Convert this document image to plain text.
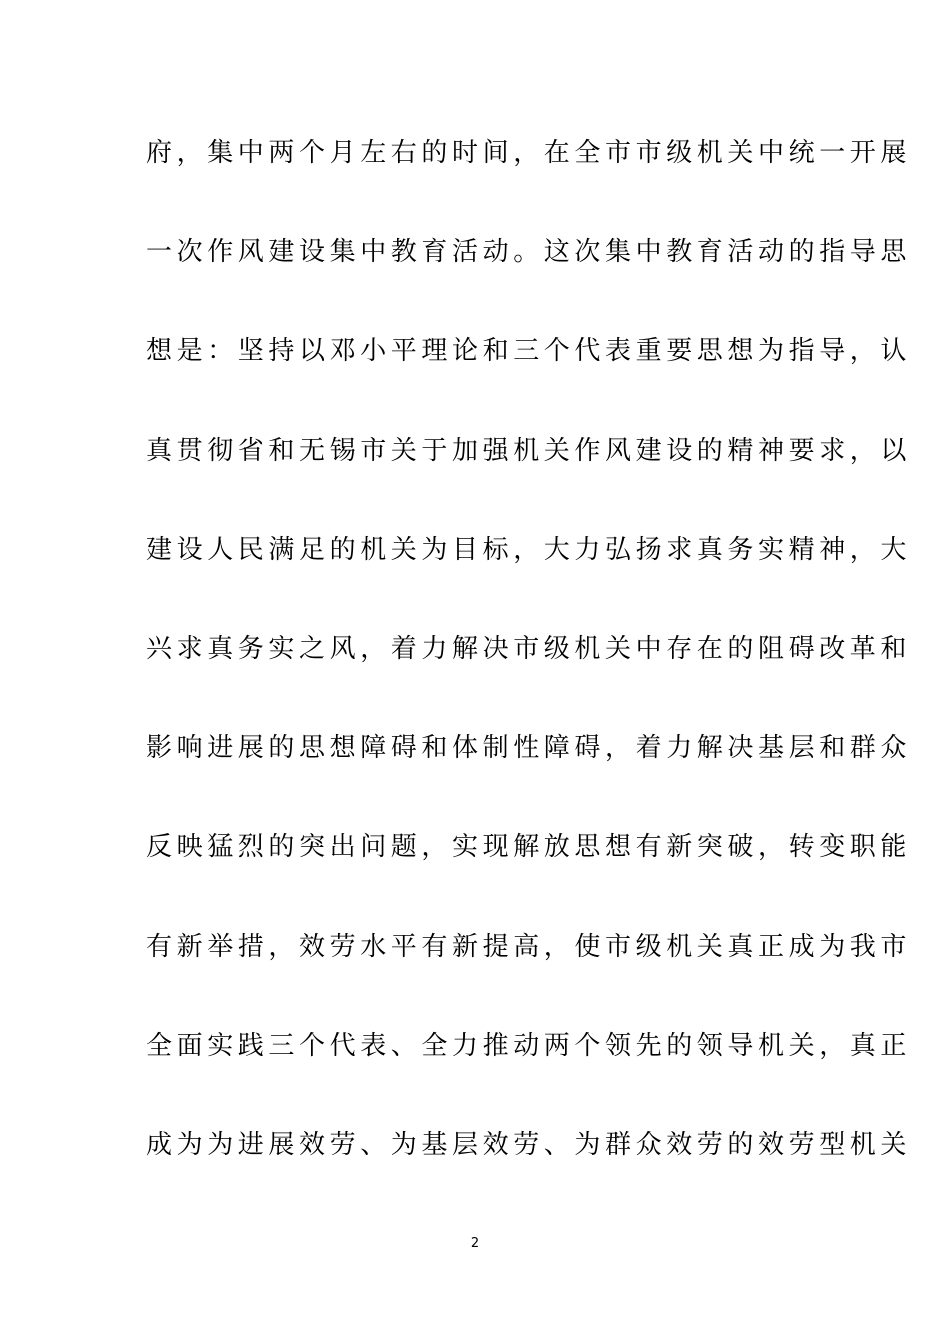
府，集中两个月左右的时间，在全市市级机关中统一开展
一次作风建设集中教育活动。这次集中教育活动的指导思
想是：坚持以邓小平理论和三个代表重要思想为指导，认
真贯彻省和无锡市关于加强机关作风建设的精神要求，以
建设人民满足的机关为目标，大力弘扬求真务实精神，大
兴求真务实之风，着力解决市级机关中存在的阻碍改革和
影响进展的思想障碍和体制性障碍，着力解决基层和群众
反映猛烈的突出问题，实现解放思想有新突破，转变职能
有新举措，效劳水平有新提高，使市级机关真正成为我市
全面实践三个代表、全力推动两个领先的领导机关，真正
成为为进展效劳、为基层效劳、为群众效劳的效劳型机关
2
